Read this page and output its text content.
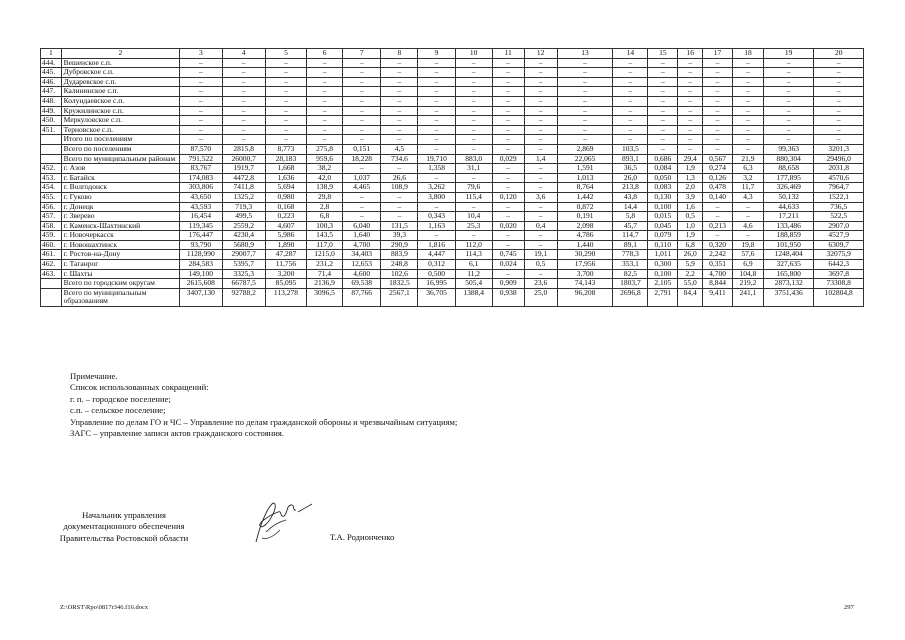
1	2	3	4	5	6	7	8	9	10	11	12	13	14	15	16	17	18	19	20
444.	Вешенское с.п.	–	–	–	–	–	–	–	–	–	–	–	–	–	–	–	–	–	–
445.	Дубровское с.п.	–	–	–	–	–	–	–	–	–	–	–	–	–	–	–	–	–	–
446.	Дударевское с.п.	–	–	–	–	–	–	–	–	–	–	–	–	–	–	–	–	–	–
447.	Калининское с.п.	–	–	–	–	–	–	–	–	–	–	–	–	–	–	–	–	–	–
448.	Колундаевское с.п.	–	–	–	–	–	–	–	–	–	–	–	–	–	–	–	–	–	–
449.	Кружилинское с.п.	–	–	–	–	–	–	–	–	–	–	–	–	–	–	–	–	–	–
450.	Меркуловское с.п.	–	–	–	–	–	–	–	–	–	–	–	–	–	–	–	–	–	–
451.	Терновское с.п.	–	–	–	–	–	–	–	–	–	–	–	–	–	–	–	–	–	–
	Итого по поселениям	–	–	–	–	–	–	–	–	–	–	–	–	–	–	–	–	–	–
	Всего по поселениям	87,570	2815,8	8,773	275,8	0,151	4,5	–	–	–	–	2,869	103,5	–	–	–	–	99,363	3201,3
	Всего по муниципальным районам	791,522	26000,7	28,183	959,6	18,228	734,6	19,710	883,0	0,029	1,4	22,065	893,1	0,686	29,4	0,567	21,9	880,304	29496,0
452.	г. Азов	83,767	1919,7	1,668	38,2	–	–	1,358	31,1	–	–	1,591	36,5	0,084	1,9	0,274	6,3	88,658	2031,8
453.	г. Батайск	174,083	4472,8	1,636	42,0	1,037	26,6	–	–	–	–	1,013	26,0	0,050	1,3	0,126	3,2	177,895	4570,6
454.	г. Волгодонск	303,806	7411,8	5,694	138,9	4,465	108,9	3,262	79,6	–	–	8,764	213,8	0,083	2,0	0,478	11,7	326,469	7964,7
455.	г. Гуково	43,650	1325,2	0,980	29,8	–	–	3,800	115,4	0,120	3,6	1,442	43,8	0,130	3,9	0,140	4,3	50,132	1522,1
456.	г. Донецк	43,593	719,3	0,168	2,8	–	–	–	–	–	–	0,872	14,4	0,100	1,6	–	–	44,633	736,5
457.	г. Зверево	16,454	499,5	0,223	6,8	–	–	0,343	10,4	–	–	0,191	5,8	0,015	0,5	–	–	17,211	522,5
458.	г. Каменск-Шахтинский	119,345	2559,2	4,607	100,3	6,040	131,5	1,163	25,3	0,020	0,4	2,098	45,7	0,045	1,0	0,213	4,6	133,486	2907,0
459.	г. Новочеркасск	176,447	4230,4	5,986	143,5	1,640	39,3	–	–	–	–	4,786	114,7	0,079	1,9	–	–	188,859	4527,9
460.	г. Новошахтинск	93,790	5680,9	1,890	117,0	4,700	290,9	1,816	112,0	–	–	1,440	89,1	0,110	6,8	0,320	19,8	101,950	6309,7
461.	г. Ростов-на-Дону	1128,990	29007,7	47,287	1215,0	34,403	883,9	4,447	114,3	0,745	19,1	30,290	778,3	1,011	26,0	2,242	57,6	1248,404	32075,9
462.	г. Таганрог	284,583	5395,7	11,756	231,2	12,653	248,8	0,312	6,1	0,024	0,5	17,956	353,1	0,300	5,9	0,351	6,9	327,635	6442,3
463.	г. Шахты	149,100	3325,3	3,200	71,4	4,600	102,6	0,500	11,2	–	–	3,700	82,5	0,100	2,2	4,700	104,8	165,800	3697,8
	Всего по городским округам	2615,608	66787,5	85,095	2136,9	69,538	1832,5	16,995	505,4	0,909	23,6	74,143	1803,7	2,105	55,0	8,844	219,2	2873,132	73308,8
	Всего по муниципальным образованиям	3407,130	92788,2	113,278	3096,5	87,766	2567,1	36,705	1388,4	0,938	25,0	96,208	2696,8	2,791	84,4	9,411	241,1	3751,436	102804,8
Примечание.
Список использованных сокращений:
г. п. – городское поселение;
с.п. – сельское поселение;
Управление по делам ГО и ЧС – Управление по делам гражданской обороны и чрезвычайным ситуациям;
ЗАГС – управление записи актов гражданского состояния.
Начальник управления
документационного обеспечения
Правительства Ростовской области	Т.А. Родионченко
Z:\ORST\Rpo\0817r346.f16.docx	297
